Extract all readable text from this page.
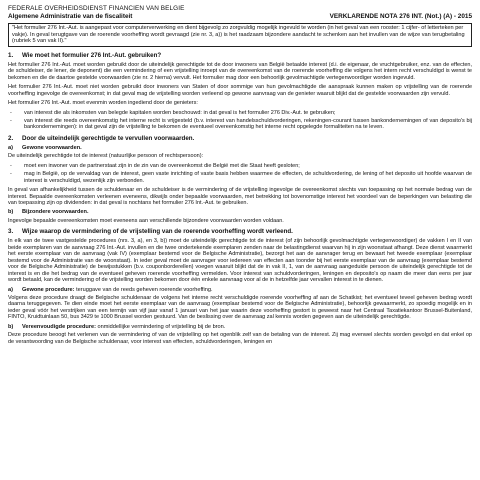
FEDERALE OVERHEIDSDIENST FINANCIEN VAN BELGIE
Algemene Administratie van de fiscaliteit	VERKLARENDE NOTA 276 INT. (Not.) (A) - 2015
"Het formulier 276 Int.-Aut. is aangepast voor computerverwerking en dient bijgevolg zo zorgvuldig mogelijk ingevuld te worden (in het geval van een rooster: 1 cijfer- of letterteken per vakje). In geval terugtgave van de roerende voorheffing wordt gevraagd (zie nr. 3, a)) is het raadzaam bijzondere aandacht te schenken aan het invullen van de wijze van terugbetaling (rubriek 5 van vak II)."
1.	Wie moet het formulier 276 Int.-Aut. gebruiken?

Het formulier 276 Int.-Aut. moet worden gebruikt door de uiteindelijk gerechtigde tot de door inwoners van België betaalde interest (d.i. de eigenaar, de vruchtgebruiker, enz. van de effecten, de schuldeiser, de lener, de deponent) die een vermindering of een vrijstelling inroept van de overeenkomst van de roerende voorheffing die volgens het intern recht verschuldigd is wenst te bekomen en die de daartoe gestelde voorwaarden (zie nr. 2 hierna) vervult. Het formulier mag door een behoorlijk gevolmachtigde vertegenwoordiger worden ingevuld.

Het formulier 276 Int.-Aut. moet niet worden gebruikt door inwoners van Staten of door sommige van hun gevolmachtigde die aanspraak kunnen maken op vrijstelling van de roerende voorheffing ingevolge de overeenkomst; in dat geval mag de vrijstelling worden verleend op gewone aanvraag van de genieter waaruit blijkt dat de gestelde voorwaarden zijn vervuld.

Het formulier 276 Int.-Aut. moet evenmin worden ingediend door de genieters:

-	van interest die als inkomsten van belegde kapitalen worden beschouwd: in dat geval is het formulier 276 Div.-Aut. te gebruiken;
-	van interest die reeds overeenkomstig het interne recht is vrijgesteld (b.v. interest van handelsschuldvorderingen, rekeningen-courant tussen bankondernemingen of van deposito's bij bankondernemingen): in dat geval zijn de vrijstelling te bekomen de eventueel overeenkomstig het interne recht opgelegde formaliteiten na te leven.
2.	Door de uiteindelijk gerechtigde te vervullen voorwaarden.
a)	Gewone voorwaarden.

De uiteindelijk gerechtigde tot de interest (natuurlijke persoon of rechtspersoon):

-	moet een inwoner van de partnerstaat zijn in de zin van de overeenkomst die België met die Staat heeft gesloten;
-	mag in België, op de vervaldag van de interest, geen vaste inrichting of vaste basis hebben waarmee de effecten, de schuldvordering, de lening of het deposito uit hoofde waarvan de interest is verschuldigd, wezenlijk zijn verbonden.

In geval van afhankelijkheid tussen de schuldenaar en de schuldeiser is de vermindering of de vrijstelling ingevolge de overeenkomst slechts van toepassing op het normale bedrag van de interest. Bepaalde overeenkomsten verleenen eveneens, dikwijls onder bepaalde voorwaarden, met betrekking tot bovenomstige interest het voordeel van de beperkingen van belasting die van toepassing zijn op dividenden: in dat geval is nochtans het formulier 276 Int.-Aut. te gebruiken.

b)	Bijzondere voorwaarden.

Ingevolge bepaalde overeenkomsten moet eveneens aan verschillende bijzondere voorwaarden worden voldaan.

3.	Wijze waarop de vermindering of de vrijstelling van de roerende voorheffing wordt verleend.

In elk van de twee vastgestelde procedures (nrs. 3, a), en 3, b)) moet de uiteindelijk gerechtigde tot de interest (of zijn behoorlijk gevolmachtigde vertegenwoordiger) de vakken I en II van beide exemplaren van de aanvraag 276 Int.-Aut. invullen en die twee ondertekende exemplaren zenden naar de belastingdienst waarvan hij in zijn woonstaat afhangt. Deze dienst waarmerkt het eerste exemplaar van de aanvraag (vak IV) (exemplaar bestemd voor de Belgische Administratie), bezorgt het aan de aanvrager terug en bewaart het tweede exemplaar (exemplaar bestemd voor de Administratie van de woonstaat). In ieder geval moet de aanvrager voor iedereen van effecten aan toonder bij het eerste exemplaar van de aanvraag (exemplaar bestemd voor de Belgische Administratie) de bewijsstukken (b.v. couponborderellen) voegen waaruit blijkt dat de in vak II, 1, van de aanvraag aangeduide persoon de uiteindelijk gerechtigde tot de interest is en die het bedrag van de eventueel geheven roerende voorheffing vermelden. Voor interest van schuldvorderingen, leningen en deposito's op naam die meer dan eens per jaar wordt betaald, kan de vermindering of de vrijstelling worden bekomen door één enkele aanvraag voor al de in hetzelfde jaar vervallen interest in te dienen.

a)	Gewone procedure: teruggave van de reeds geheven roerende voorheffing.

Volgens deze procedure draagt de Belgische schuldenaar de volgens het interne recht verschuldigde roerende voorheffing af aan de Schatkist; het eventueel teveel geheven bedrag wordt daarna teruggegeven. Te dien einde moet het eerste exemplaar van de aanvraag (exemplaar bestemd voor de Belgische Administratie), behoorlijk gewaarmerkt, zo spoedig mogelijk en in ieder geval vóór het verstrijken van een termijn van vijf jaar vanaf 1 januari van het jaar waarin deze voorheffing gestort is geweest naar het Centraal Taxatiekantoor Brussel-Buitenland, FINTO, Kruidtuinlaan 50, bus 3429 te 1000 Brussel worden gestuurd. Van de beslissing over de aanvraag zal kennis worden gegeven aan de uiteindelijk gerechtigde.

b)	Vereenvoudigde procedure: onmiddellijke vermindering of vrijstelling bij de bron.

Deze procedure beoogt het verlenen van de vermindering of van de vrijstelling op het ogenblik zelf van de betaling van de interest. Zij mag evenwel slechts worden gevolgd en dat enkel op de verantwoording van de Belgische schuldenaar, voor interest van effecten, schuldvorderingen, leningen en
